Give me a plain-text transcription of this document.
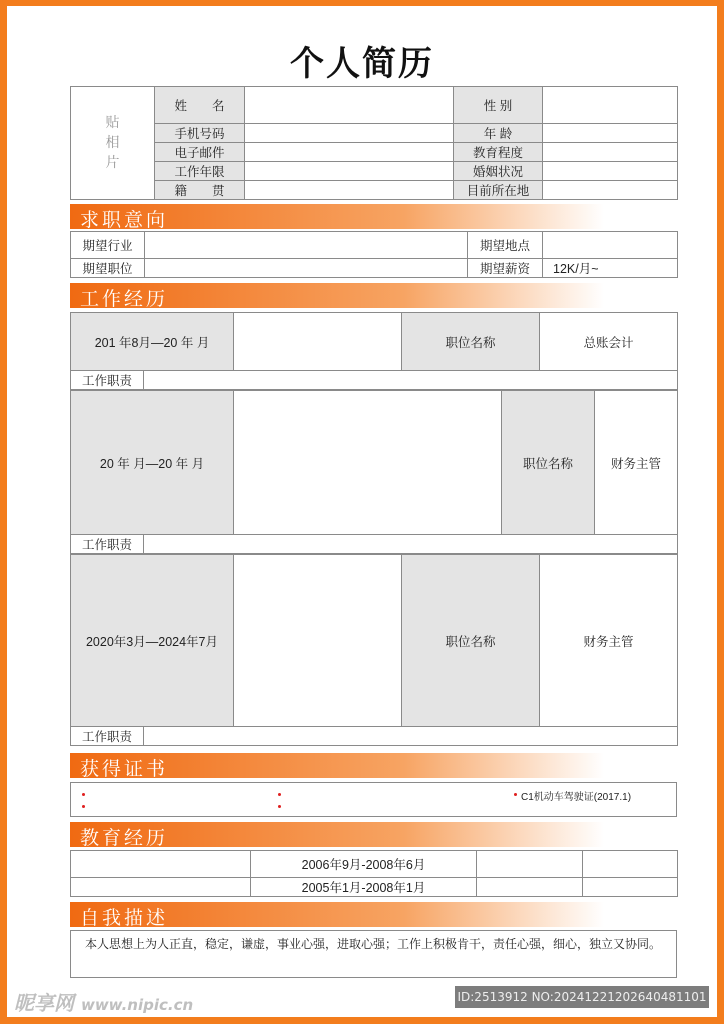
个人简历
贴
相
片	姓　　名		性 别	
	手机号码		年 龄	
	电子邮件		教育程度	
	工作年限		婚姻状况	
	籍　　贯		目前所在地	
求职意向
期望行业		期望地点	
期望职位		期望薪资	12K/月~
工作经历
201 年8月—20 年 月			职位名称	总账会计
工作职责				
20 年 月—20 年 月			职位名称	财务主管
工作职责				
2020年3月—2024年7月			职位名称	财务主管
工作职责				
获得证书
C1机动车驾驶证(2017.1)
教育经历
	2006年9月-2008年6月		
	2005年1月-2008年1月		
自我描述
本人思想上为人正直，稳定，谦虚，事业心强，进取心强；工作上积极肯干，责任心强，细心，独立又协同。
昵享网 www.nipic.cn	ID:2513912 NO:20241221202640481101
